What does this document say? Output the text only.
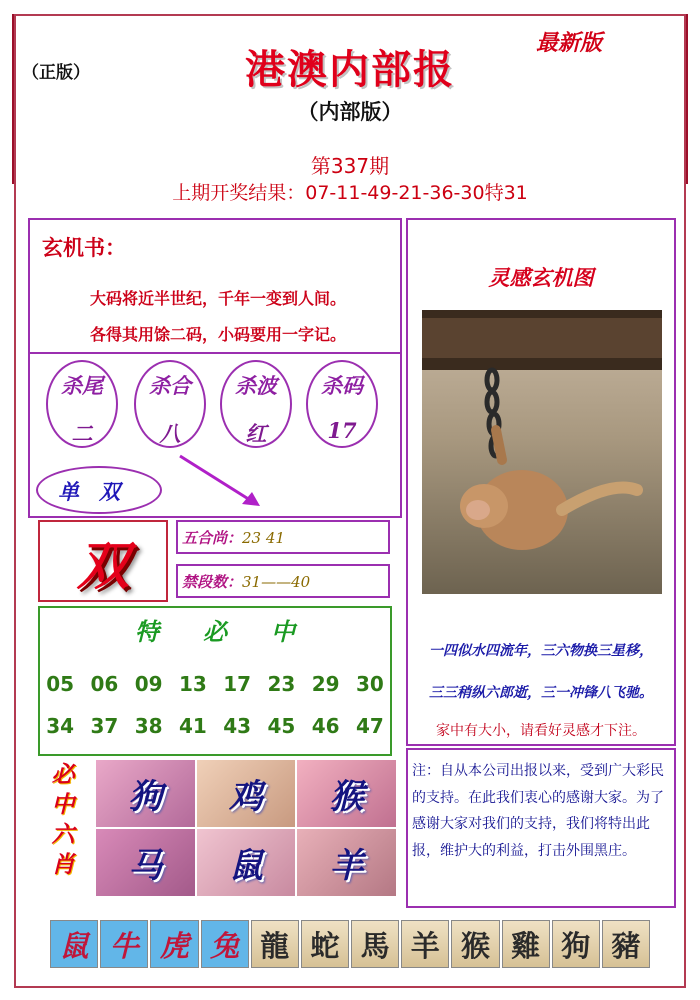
（正版）
最新版
港澳内部报
（内部版）
第337期
上期开奖结果：07-11-49-21-36-30特31
玄机书：
大码将近半世纪，千年一变到人间。
各得其用馀二码，小码要用一字记。
杀尾
二
杀合
八
杀波
红
杀码
17
单双
双	五合尚：23 41
禁段数：31——40
特必中
05 06 09 13 17 23 29 30
34 37 38 41 43 45 46 47
必
中
六
肖
狗	鸡	猴
马	鼠	羊
灵感玄机图
一四似水四流年，三六物换三星移，
三三稍纵六郎逝，三一冲锋八飞驰。
家中有大小，请看好灵感才下注。
注：自从本公司出报以来，受到广大彩民的支持。在此我们衷心的感谢大家。为了感谢大家对我们的支持，我们将特出此报，维护大的利益，打击外围黑庄。
鼠 牛 虎 兔 龍 蛇 馬 羊 猴 雞 狗 豬
